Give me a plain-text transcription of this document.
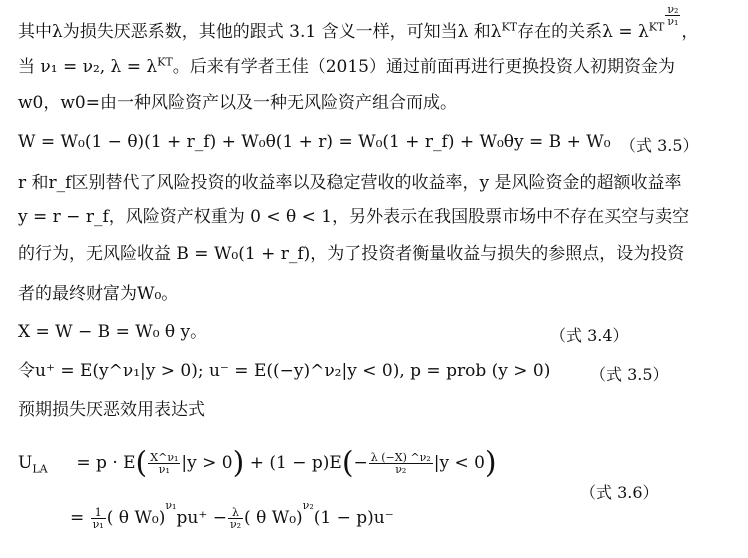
其中λ为损失厌恶系数，其他的跟式 3.1 含义一样，可知当λ 和$\lambda^{KT}$存在的关系$\lambda = \lambda^{KT} \frac{\text{ν₂}}{\text{ν₁}}$
，
当 ν₁ = ν₂, $\lambda = \lambda^{KT}$。后来有学者王佳（2015）通过前面再进行更换投资人初期资金为
w0，w0=由一种风险资产以及一种无风险资产组合而成。
W = W₀(1 − θ)(1 + r_f) + W₀θ(1 + r) = W₀(1 + r_f) + W₀θy = B + W₀ （式 3.5）
r 和r_f区别替代了风险投资的收益率以及稳定营收的收益率，y 是风险资金的超额收益率
y = r − r_f，风险资产权重为 0 < θ < 1，另外表示在我国股票市场中不存在买空与卖空
的行为，无风险收益 B = W₀(1 + r_f)，为了投资者衡量收益与损失的参照点，设为投资
者的最终财富为W₀。
X = W − B = W₀ θ y。	（式 3.4）
令u⁺ = E(y^ν₁|y > 0); u⁻ = E((−y)^ν₂|y < 0), p = prob (y > 0) （式 3.5）
预期损失厌恶效用表达式
$U_{LA} = p \cdot E( \frac{\text{X\textasciicircum{}ν₁}}{\text{ν₁}} |y > 0) + (1 - p)E(- \frac{\text{λ (−X) \textasciicircum{}ν₂}}{\text{ν₂}} |y < 0)$
= $\frac{1}{\text{ν₁}}$ ( θ $W_0)^{\nu_1}pu^+ - \frac{\lambda}{\text{ν₂}}$ ( θ W₀)$^{\nu_2}$(1 − p)u⁻
（式 3.6）
